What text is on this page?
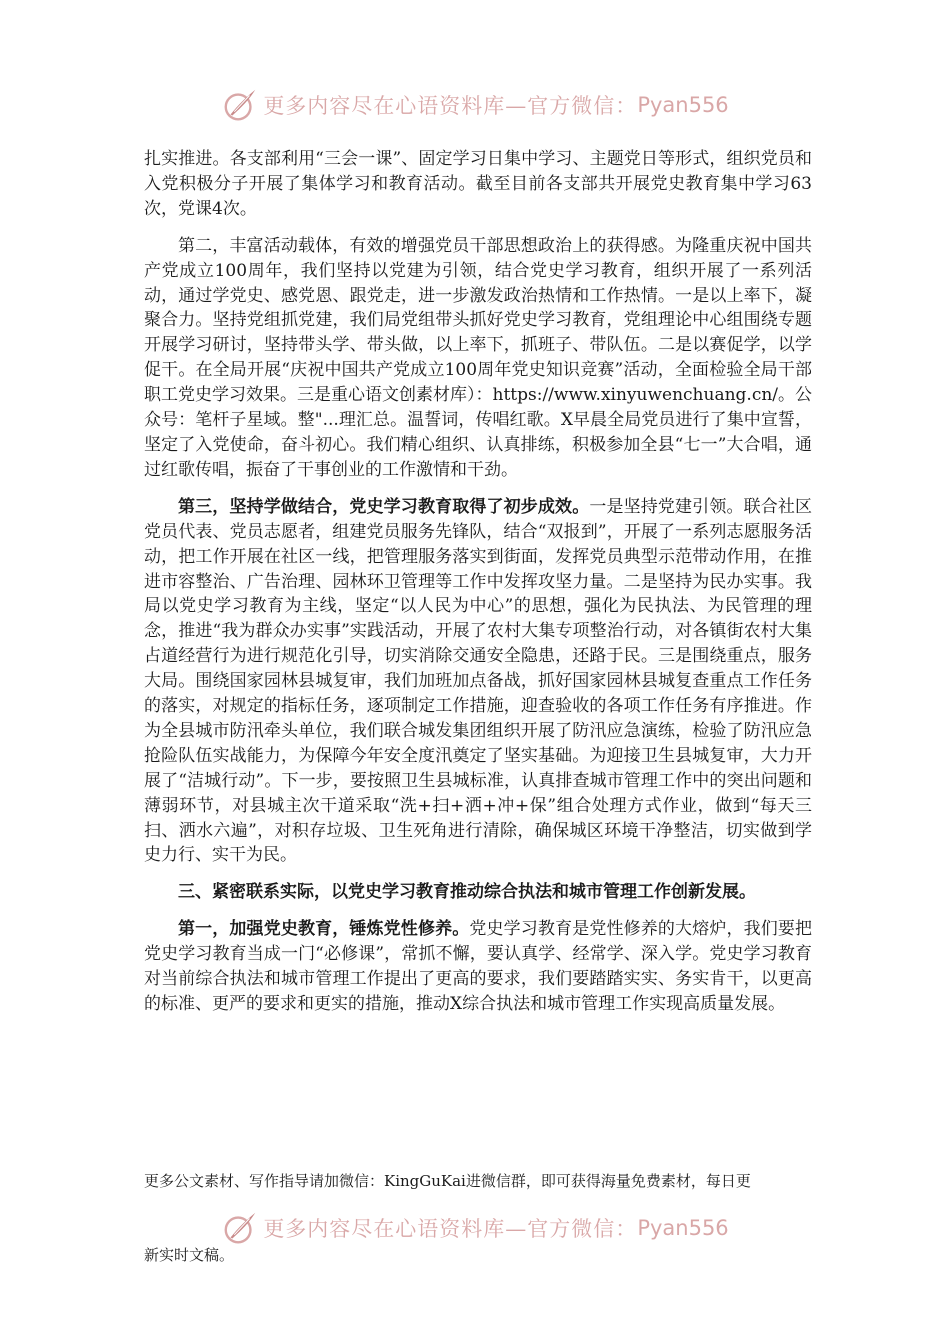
更多内容尽在心语资料库—官方微信： Pyan556

扎实推进。各支部利用“三会一课”、固定学习日集中学习、主题党日等形式，组织党员和入党积极分子开展了集体学习和教育活动。截至目前各支部共开展党史教育集中学习63次，党课4次。

第二，丰富活动载体，有效的增强党员干部思想政治上的获得感。为隆重庆祝中国共产党成立100周年，我们坚持以党建为引领，结合党史学习教育，组织开展了一系列活动，通过学党史、感党恩、跟党走，进一步激发政治热情和工作热情。一是以上率下，凝聚合力。坚持党组抓党建，我们局党组带头抓好党史学习教育，党组理论中心组围绕专题开展学习研讨，坚持带头学、带头做，以上率下，抓班子、带队伍。二是以赛促学，以学促干。在全局开展“庆祝中国共产党成立100周年党史知识竞赛”活动，全面检验全局干部职工党史学习效果。三是重心语文创素材库）：https://www.xinyuwenchuang.cn/。公众号：笔杆子星域。整"...理汇总。温誓词，传唱红歌。X早晨全局党员进行了集中宣誓，坚定了入党使命，奋斗初心。我们精心组织、认真排练，积极参加全县“七一”大合唱，通过红歌传唱，振奋了干事创业的工作激情和干劲。

第三，坚持学做结合，党史学习教育取得了初步成效。一是坚持党建引领。联合社区党员代表、党员志愿者，组建党员服务先锋队，结合“双报到”，开展了一系列志愿服务活动，把工作开展在社区一线，把管理服务落实到街面，发挥党员典型示范带动作用，在推进市容整治、广告治理、园林环卫管理等工作中发挥攻坚力量。二是坚持为民办实事。我局以党史学习教育为主线，坚定“以人民为中心”的思想，强化为民执法、为民管理的理念，推进“我为群众办实事”实践活动，开展了农村大集专项整治行动，对各镇街农村大集占道经营行为进行规范化引导，切实消除交通安全隐患，还路于民。三是围绕重点，服务大局。围绕国家园林县城复审，我们加班加点备战，抓好国家园林县城复查重点工作任务的落实，对规定的指标任务，逐项制定工作措施，迎查验收的各项工作任务有序推进。作为全县城市防汛牵头单位，我们联合城发集团组织开展了防汛应急演练，检验了防汛应急抢险队伍实战能力，为保障今年安全度汛奠定了坚实基础。为迎接卫生县城复审，大力开展了“洁城行动”。下一步，要按照卫生县城标准，认真排查城市管理工作中的突出问题和薄弱环节，对县城主次干道采取“洗+扫+洒+冲+保”组合处理方式作业，做到“每天三扫、洒水六遍”，对积存垃圾、卫生死角进行清除，确保城区环境干净整洁，切实做到学史力行、实干为民。

三、紧密联系实际，以党史学习教育推动综合执法和城市管理工作创新发展。

第一，加强党史教育，锤炼党性修养。党史学习教育是党性修养的大熔炉，我们要把党史学习教育当成一门“必修课”，常抓不懈，要认真学、经常学、深入学。党史学习教育对当前综合执法和城市管理工作提出了更高的要求，我们要踏踏实实、务实肯干，以更高的标准、更严的要求和更实的措施，推动X综合执法和城市管理工作实现高质量发展。

更多公文素材、写作指导请加微信：KingGuKai进微信群，即可获得海量免费素材，每日更
更多内容尽在心语资料库—官方微信： Pyan556
新实时文稿。
